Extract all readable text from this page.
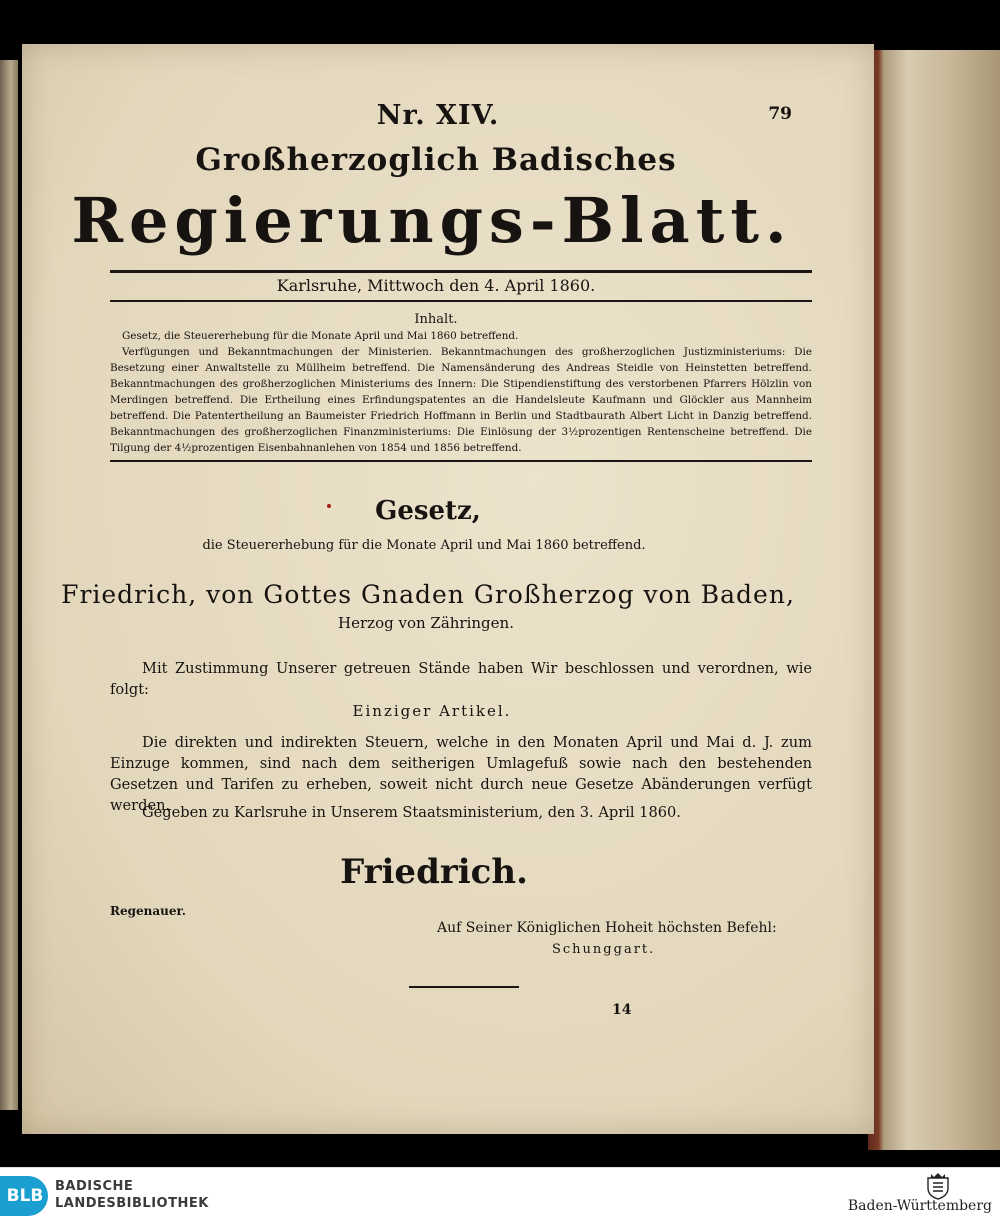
Nr. XIV.	79
Großherzoglich Badisches
Regierungs-Blatt.
Karlsruhe, Mittwoch den 4. April 1860.
Inhalt.

Gesetz, die Steuererhebung für die Monate April und Mai 1860 betreffend.

Verfügungen und Bekanntmachungen der Ministerien. Bekanntmachungen des großherzoglichen Justizministeriums: Die Besetzung einer Anwaltstelle zu Müllheim betreffend. Die Namensänderung des Andreas Steidle von Heinstetten betreffend. Bekanntmachungen des großherzoglichen Ministeriums des Innern: Die Stipendienstiftung des verstorbenen Pfarrers Hölzlin von Merdingen betreffend. Die Ertheilung eines Erfindungspatentes an die Handelsleute Kaufmann und Glöckler aus Mannheim betreffend. Die Patentertheilung an Baumeister Friedrich Hoffmann in Berlin und Stadtbaurath Albert Licht in Danzig betreffend. Bekanntmachungen des großherzoglichen Finanzministeriums: Die Einlösung der 3½prozentigen Rentenscheine betreffend. Die Tilgung der 4½prozentigen Eisenbahnanlehen von 1854 und 1856 betreffend.

Gesetz,
die Steuererhebung für die Monate April und Mai 1860 betreffend.
Friedrich, von Gottes Gnaden Großherzog von Baden,
Herzog von Zähringen.
Mit Zustimmung Unserer getreuen Stände haben Wir beschlossen und verordnen, wie folgt:
Einziger Artikel.
Die direkten und indirekten Steuern, welche in den Monaten April und Mai d. J. zum Einzuge kommen, sind nach dem seitherigen Umlagefuß sowie nach den bestehenden Gesetzen und Tarifen zu erheben, soweit nicht durch neue Gesetze Abänderungen verfügt werden.
Gegeben zu Karlsruhe in Unserem Staatsministerium, den 3. April 1860.
Friedrich.
Regenauer.
Auf Seiner Königlichen Hoheit höchsten Befehl:
Schunggart.
14
BLB BADISCHE
LANDESBIBLIOTHEK	Baden-Württemberg
